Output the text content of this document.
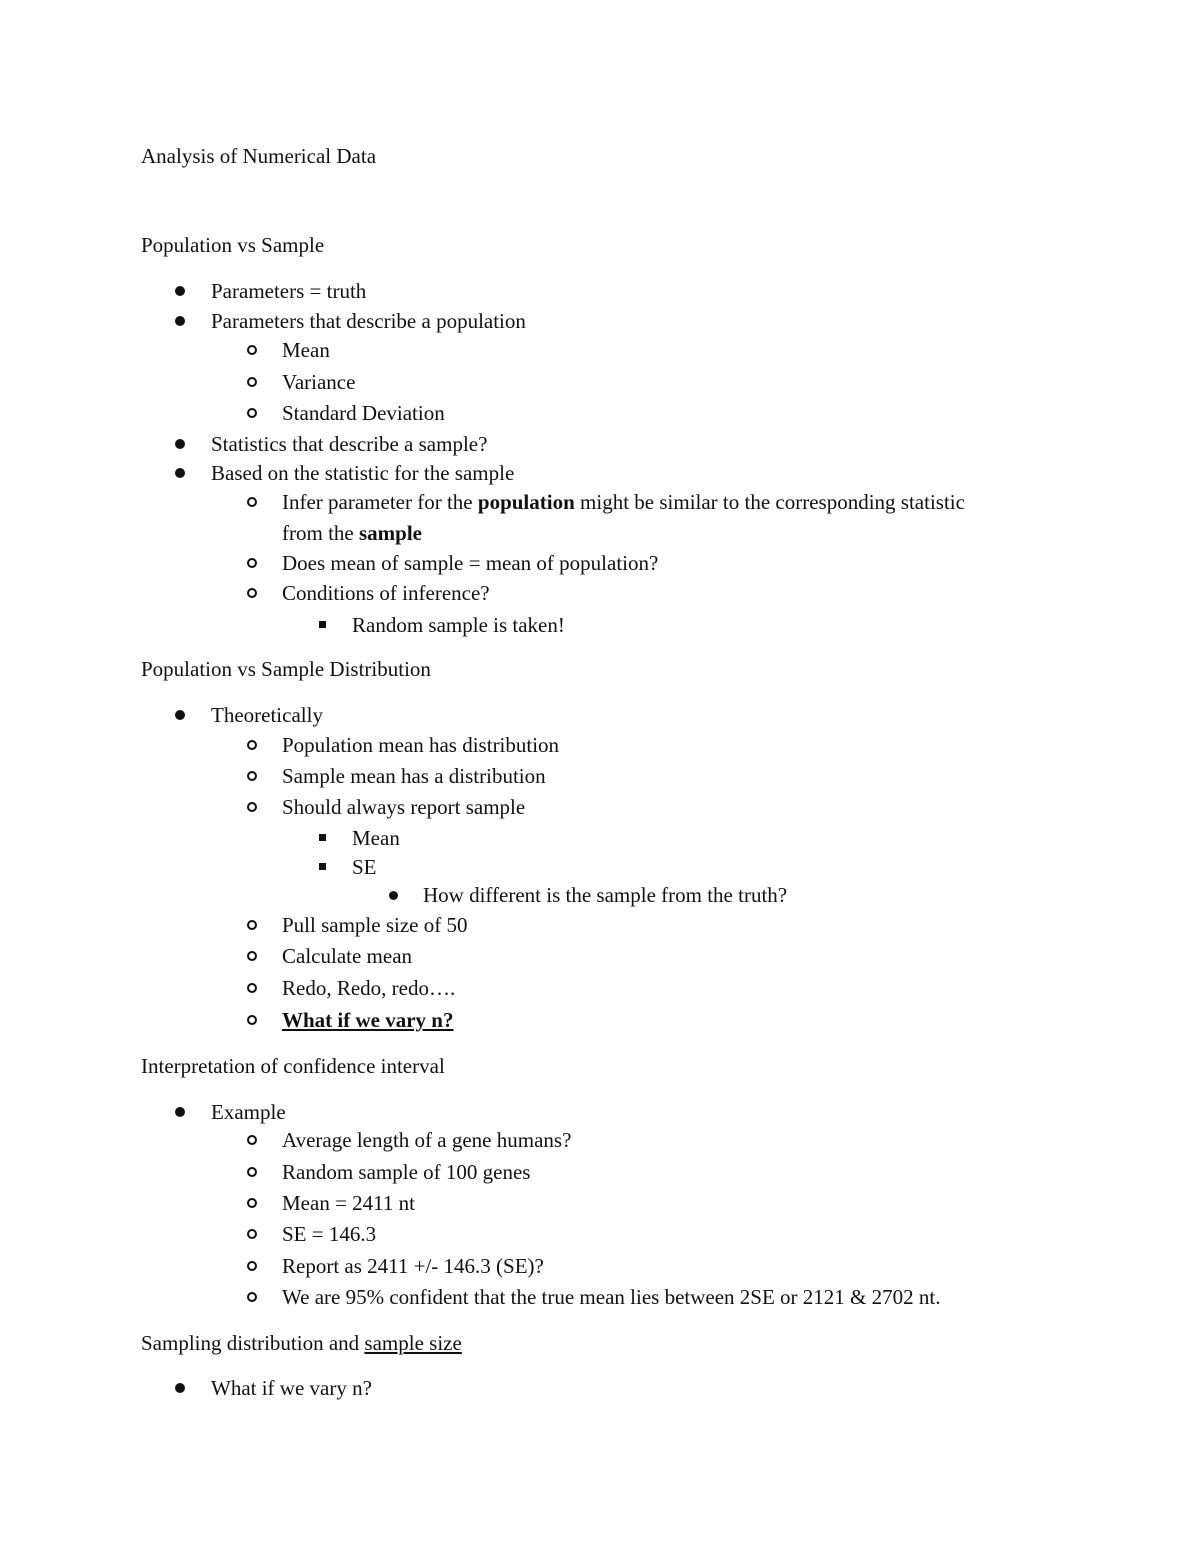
Analysis of Numerical Data
Population vs Sample
Parameters = truth
Parameters that describe a population
Mean
Variance
Standard Deviation
Statistics that describe a sample?
Based on the statistic for the sample
Infer parameter for the population might be similar to the corresponding statistic
from the sample
Does mean of sample = mean of population?
Conditions of inference?
Random sample is taken!
Population vs Sample Distribution
Theoretically
Population mean has distribution
Sample mean has a distribution
Should always report sample
Mean
SE
How different is the sample from the truth?
Pull sample size of 50
Calculate mean
Redo, Redo, redo….
What if we vary n?
Interpretation of confidence interval
Example
Average length of a gene humans?
Random sample of 100 genes
Mean = 2411 nt
SE = 146.3
Report as 2411 +/- 146.3 (SE)?
We are 95% confident that the true mean lies between 2SE or 2121 & 2702 nt.
Sampling distribution and sample size
What if we vary n?
